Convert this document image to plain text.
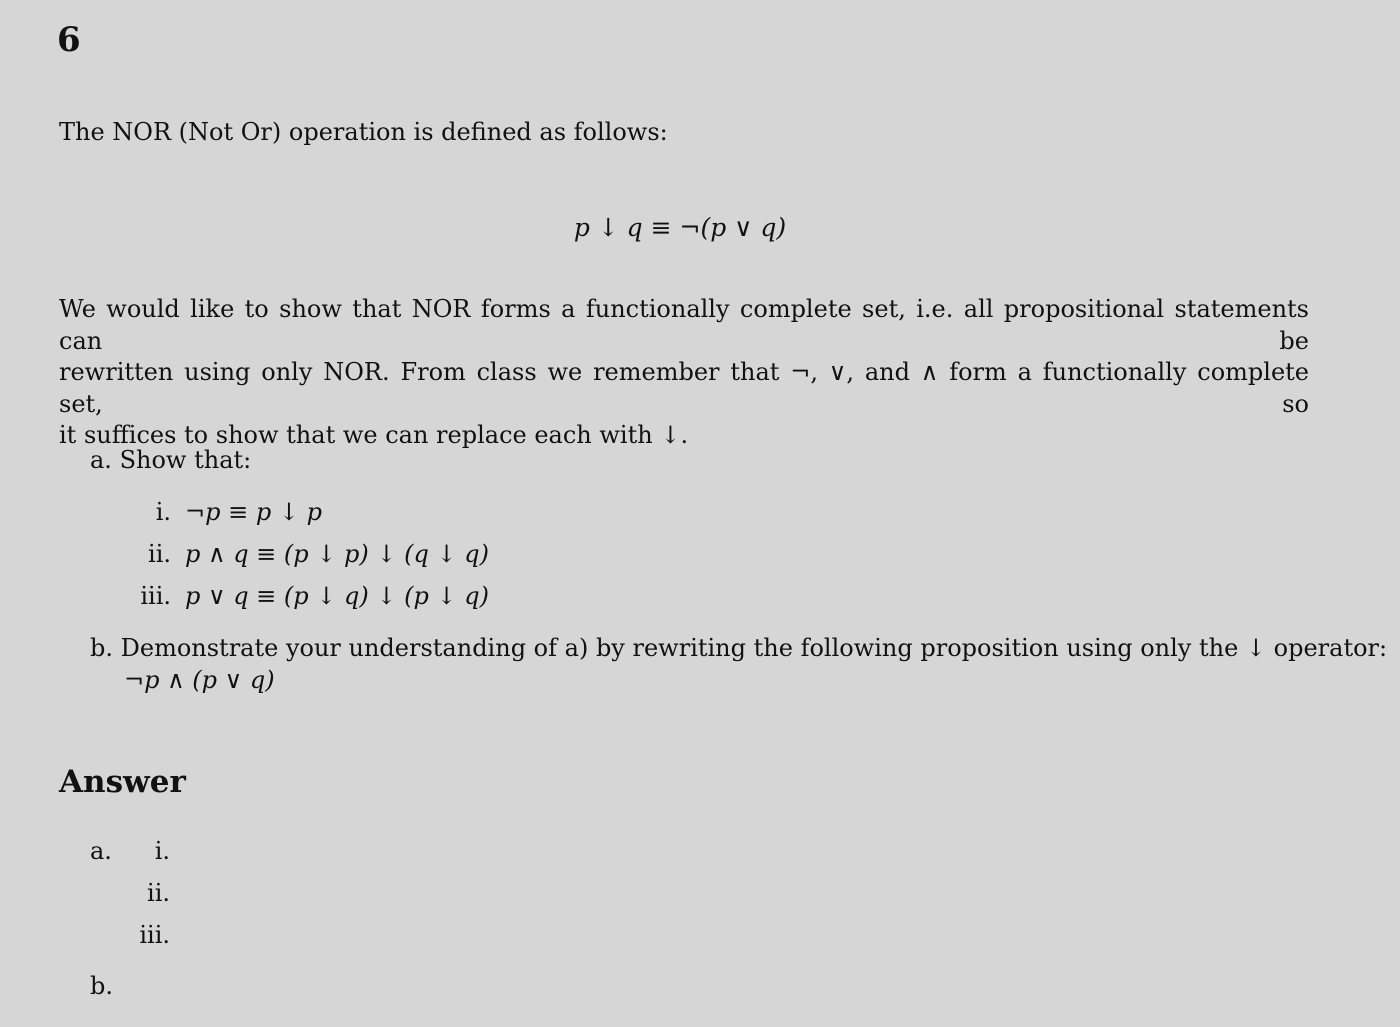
6
The NOR (Not Or) operation is defined as follows:
p ↓ q ≡ ¬(p ∨ q)
We would like to show that NOR forms a functionally complete set, i.e. all propositional statements can be
rewritten using only NOR. From class we remember that ¬, ∨, and ∧ form a functionally complete set, so
it suffices to show that we can replace each with ↓.
a. Show that:
i. ¬p ≡ p ↓ p
ii. p ∧ q ≡ (p ↓ p) ↓ (q ↓ q)
iii. p ∨ q ≡ (p ↓ q) ↓ (p ↓ q)
b. Demonstrate your understanding of a) by rewriting the following proposition using only the ↓ operator:
¬p ∧ (p ∨ q)
Answer
a.	i.
ii.
iii.
b.
